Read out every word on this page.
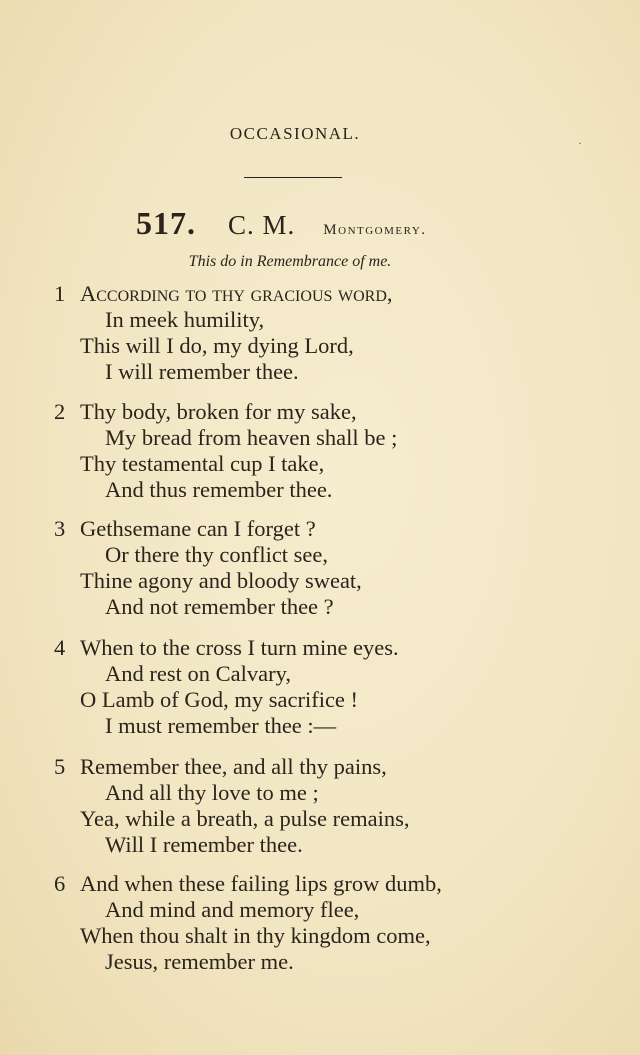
OCCASIONAL.	·
517. C. M. Montgomery.
This do in Remembrance of me.
1 According to thy gracious word,
In meek humility,
This will I do, my dying Lord,
I will remember thee.
2 Thy body, broken for my sake,
My bread from heaven shall be ;
Thy testamental cup I take,
And thus remember thee.
3 Gethsemane can I forget ?
Or there thy conflict see,
Thine agony and bloody sweat,
And not remember thee ?
4 When to the cross I turn mine eyes.
And rest on Calvary,
O Lamb of God, my sacrifice !
I must remember thee :—
5 Remember thee, and all thy pains,
And all thy love to me ;
Yea, while a breath, a pulse remains,
Will I remember thee.
6 And when these failing lips grow dumb,
And mind and memory flee,
When thou shalt in thy kingdom come,
Jesus, remember me.
